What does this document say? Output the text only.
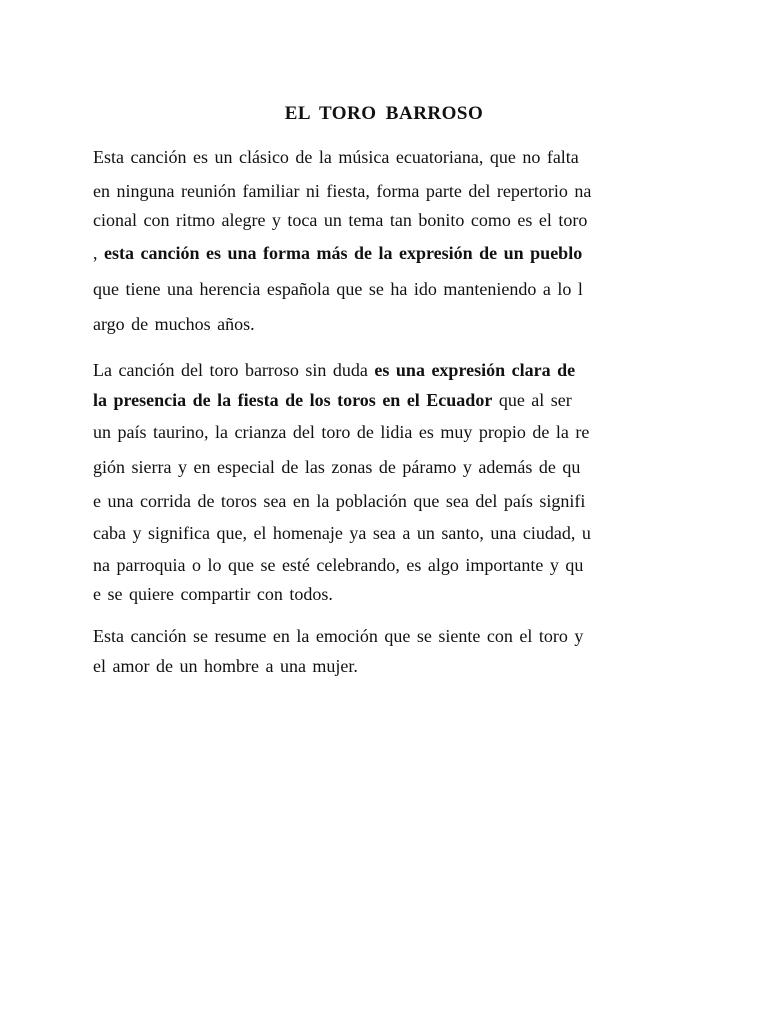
EL TORO BARROSO
Esta canción es un clásico de la música ecuatoriana, que no falta
en ninguna reunión familiar ni fiesta, forma parte del repertorio na
cional con ritmo alegre y toca un tema tan bonito como es el toro
, esta canción es una forma más de la expresión de un pueblo
que tiene una herencia española que se ha ido manteniendo a lo l
argo de muchos años.
La canción del toro barroso sin duda es una expresión clara de
la presencia de la fiesta de los toros en el Ecuador que al ser
un país taurino, la crianza del toro de lidia es muy propio de la re
gión sierra y en especial de las zonas de páramo y además de qu
e una corrida de toros sea en la población que sea del país signifi
caba y significa que, el homenaje ya sea a un santo, una ciudad, u
na parroquia o lo que se esté celebrando, es algo importante y qu
e se quiere compartir con todos.
Esta canción se resume en la emoción que se siente con el toro y
el amor de un hombre a una mujer.
